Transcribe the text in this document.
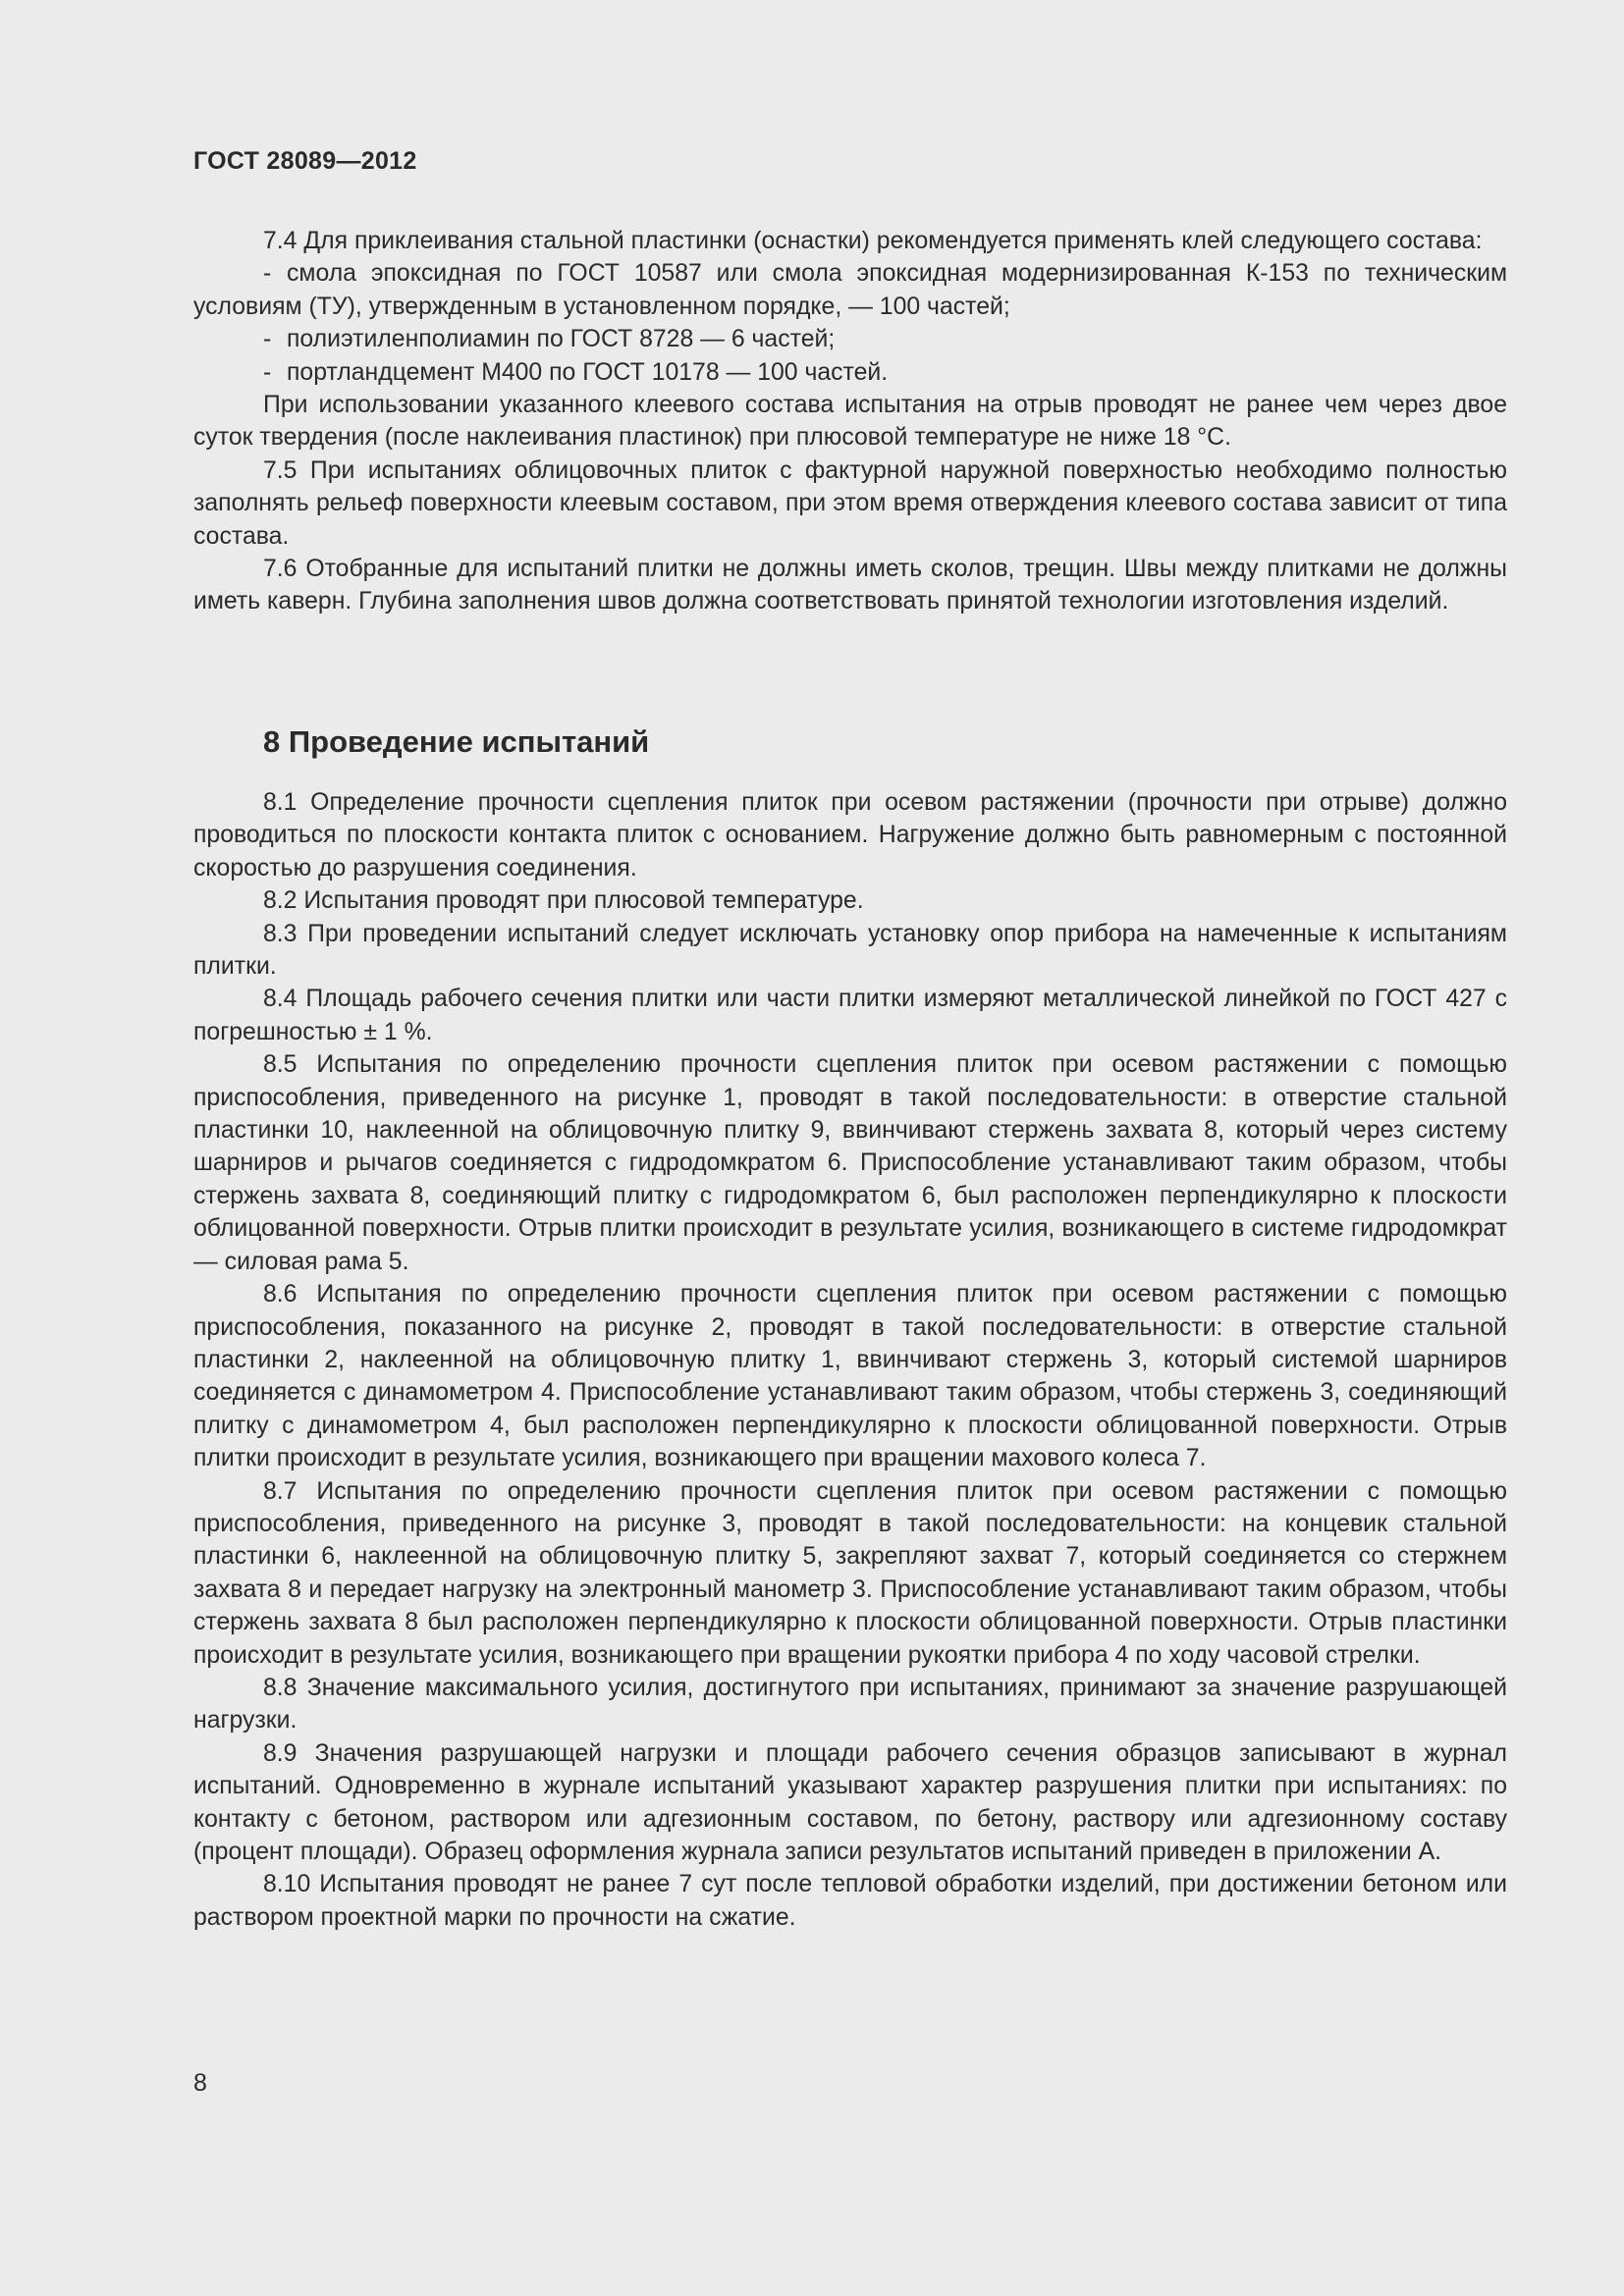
ГОСТ 28089—2012

7.4 Для приклеивания стальной пластинки (оснастки) рекомендуется применять клей следующего состава:

- смола эпоксидная по ГОСТ 10587 или смола эпоксидная модернизированная К-153 по техническим условиям (ТУ), утвержденным в установленном порядке, — 100 частей;

- полиэтиленполиамин по ГОСТ 8728 — 6 частей;

- портландцемент М400 по ГОСТ 10178 — 100 частей.

При использовании указанного клеевого состава испытания на отрыв проводят не ранее чем через двое суток твердения (после наклеивания пластинок) при плюсовой температуре не ниже 18 °С.

7.5 При испытаниях облицовочных плиток с фактурной наружной поверхностью необходимо полностью заполнять рельеф поверхности клеевым составом, при этом время отверждения клеевого состава зависит от типа состава.

7.6 Отобранные для испытаний плитки не должны иметь сколов, трещин. Швы между плитками не должны иметь каверн. Глубина заполнения швов должна соответствовать принятой технологии изготовления изделий.

8 Проведение испытаний

8.1 Определение прочности сцепления плиток при осевом растяжении (прочности при отрыве) должно проводиться по плоскости контакта плиток с основанием. Нагружение должно быть равномерным с постоянной скоростью до разрушения соединения.

8.2 Испытания проводят при плюсовой температуре.

8.3 При проведении испытаний следует исключать установку опор прибора на намеченные к испытаниям плитки.

8.4 Площадь рабочего сечения плитки или части плитки измеряют металлической линейкой по ГОСТ 427 с погрешностью ± 1 %.

8.5 Испытания по определению прочности сцепления плиток при осевом растяжении с помощью приспособления, приведенного на рисунке 1, проводят в такой последовательности: в отверстие стальной пластинки 10, наклеенной на облицовочную плитку 9, ввинчивают стержень захвата 8, который через систему шарниров и рычагов соединяется с гидродомкратом 6. Приспособление устанавливают таким образом, чтобы стержень захвата 8, соединяющий плитку с гидродомкратом 6, был расположен перпендикулярно к плоскости облицованной поверхности. Отрыв плитки происходит в результате усилия, возникающего в системе гидродомкрат — силовая рама 5.

8.6 Испытания по определению прочности сцепления плиток при осевом растяжении с помощью приспособления, показанного на рисунке 2, проводят в такой последовательности: в отверстие стальной пластинки 2, наклеенной на облицовочную плитку 1, ввинчивают стержень 3, который системой шарниров соединяется с динамометром 4. Приспособление устанавливают таким образом, чтобы стержень 3, соединяющий плитку с динамометром 4, был расположен перпендикулярно к плоскости облицованной поверхности. Отрыв плитки происходит в результате усилия, возникающего при вращении махового колеса 7.

8.7 Испытания по определению прочности сцепления плиток при осевом растяжении с помощью приспособления, приведенного на рисунке 3, проводят в такой последовательности: на концевик стальной пластинки 6, наклеенной на облицовочную плитку 5, закрепляют захват 7, который соединяется со стержнем захвата 8 и передает нагрузку на электронный манометр 3. Приспособление устанавливают таким образом, чтобы стержень захвата 8 был расположен перпендикулярно к плоскости облицованной поверхности. Отрыв пластинки происходит в результате усилия, возникающего при вращении рукоятки прибора 4 по ходу часовой стрелки.

8.8 Значение максимального усилия, достигнутого при испытаниях, принимают за значение разрушающей нагрузки.

8.9 Значения разрушающей нагрузки и площади рабочего сечения образцов записывают в журнал испытаний. Одновременно в журнале испытаний указывают характер разрушения плитки при испытаниях: по контакту с бетоном, раствором или адгезионным составом, по бетону, раствору или адгезионному составу (процент площади). Образец оформления журнала записи результатов испытаний приведен в приложении А.

8.10 Испытания проводят не ранее 7 сут после тепловой обработки изделий, при достижении бетоном или раствором проектной марки по прочности на сжатие.

8
